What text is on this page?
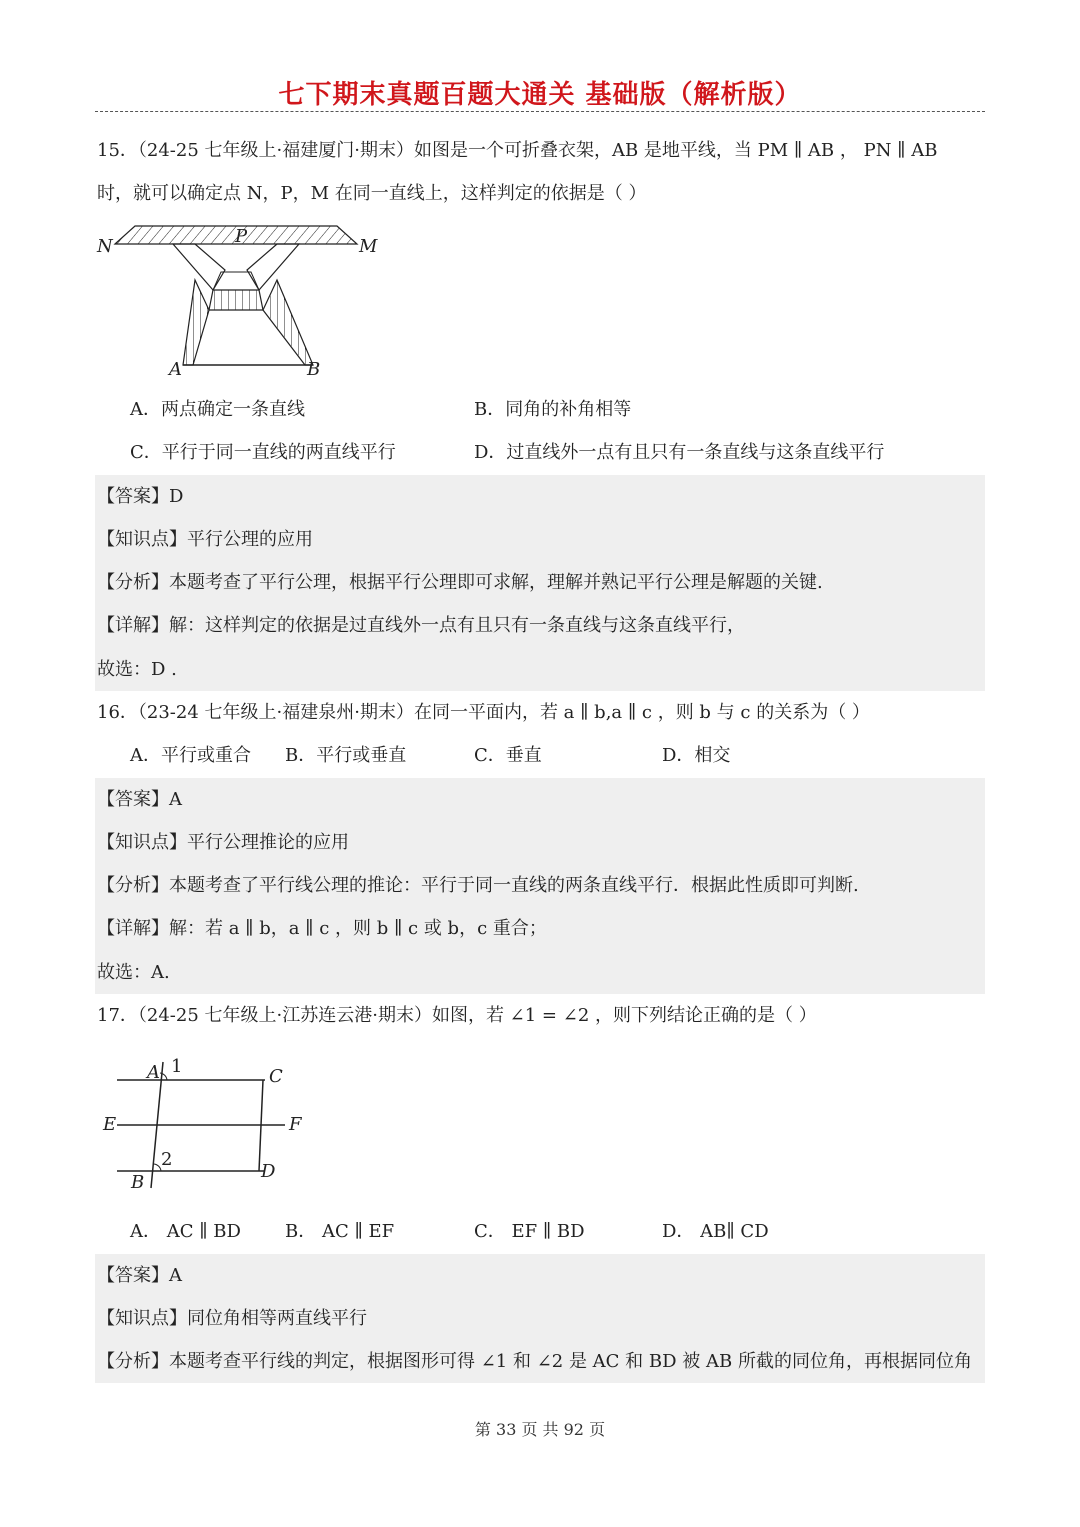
七下期末真题百题大通关 基础版（解析版）
15．（24-25 七年级上·福建厦门·期末）如图是一个可折叠衣架，AB 是地平线，当 PM ∥ AB ， PN ∥ AB
时，就可以确定点 N，P，M 在同一直线上，这样判定的依据是（ ）
N	P	M
A	B
A．两点确定一条直线	B．同角的补角相等
C．平行于同一直线的两直线平行	D．过直线外一点有且只有一条直线与这条直线平行
【答案】D
【知识点】平行公理的应用
【分析】本题考查了平行公理，根据平行公理即可求解，理解并熟记平行公理是解题的关键.
【详解】解：这样判定的依据是过直线外一点有且只有一条直线与这条直线平行，
故选：D .
16．（23-24 七年级上·福建泉州·期末）在同一平面内，若 a ∥ b,a ∥ c ，则 b 与 c 的关系为（ ）
A．平行或重合 B．平行或垂直	C．垂直	D．相交
【答案】A
【知识点】平行公理推论的应用
【分析】本题考查了平行线公理的推论：平行于同一直线的两条直线平行．根据此性质即可判断.
【详解】解：若 a ∥ b，a ∥ c ，则 b ∥ c 或 b，c 重合；
故选：A.
17．（24-25 七年级上·江苏连云港·期末）如图，若 ∠1 = ∠2 ，则下列结论正确的是（ ）
A 1	C
E	F
2
D
B
A． AC ∥ BD B． AC ∥ EF	C． EF ∥ BD	D． AB∥ CD
【答案】A
【知识点】同位角相等两直线平行
【分析】本题考查平行线的判定，根据图形可得 ∠1 和 ∠2 是 AC 和 BD 被 AB 所截的同位角，再根据同位角
第 33 页 共 92 页
